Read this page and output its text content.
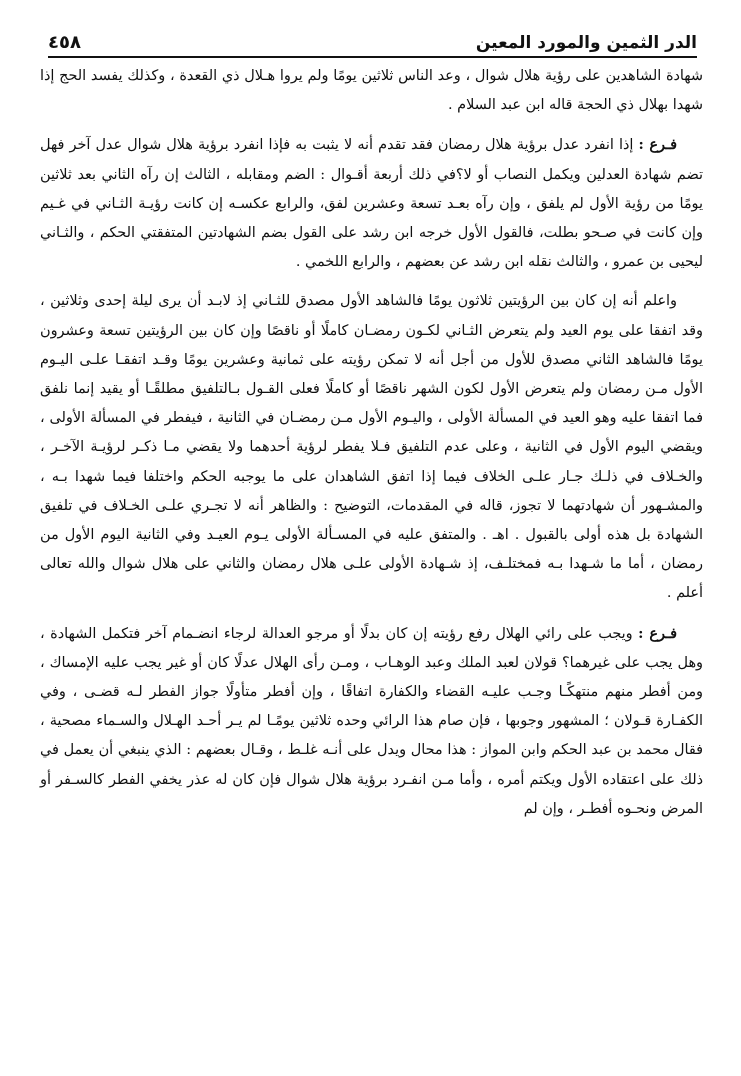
الدر الثمين والمورد المعين
٤٥٨

شهادة الشاهدين على رؤية هلال شوال ، وعد الناس ثلاثين يومًا ولم يروا هـلال ذي القعدة ، وكذلك يفسد الحج إذا شهدا بهلال ذي الحجة قاله ابن عبد السلام .

فـرع : إذا انفرد عدل برؤية هلال رمضان فقد تقدم أنه لا يثبت به فإذا انفرد برؤية هلال شوال عدل آخر فهل تضم شهادة العدلين ويكمل النصاب أو لا؟في ذلك أربعة أقـوال : الضم ومقابله ، الثالث إن رآه الثاني بعد ثلاثين يومًا من رؤية الأول لم يلفق ، وإن رآه بعـد تسعة وعشرين لفق، والرابع عكسـه إن كانت رؤيـة الثـاني في غـيم وإن كانت في صـحو بطلت، فالقول الأول خرجه ابن رشد على القول بضم الشهادتين المتفقتي الحكم ، والثـاني ليحيى بن عمرو ، والثالث نقله ابن رشد عن بعضهم ، والرابع اللخمي .

واعلم أنه إن كان بين الرؤيتين ثلاثون يومًا فالشاهد الأول مصدق للثـاني إذ لابـد أن يرى ليلة إحدى وثلاثين ، وقد اتفقا على يوم العيد ولم يتعرض الثـاني لكـون رمضـان كاملًا أو ناقصًا وإن كان بين الرؤيتين تسعة وعشرون يومًا فالشاهد الثاني مصدق للأول من أجل أنه لا تمكن رؤيته على ثمانية وعشرين يومًا وقـد اتفقـا علـى اليـوم الأول مـن رمضان ولم يتعرض الأول لكون الشهر ناقصًا أو كاملًا فعلى القـول بـالتلفيق مطلقًـا أو يقيد إنما نلفق فما اتفقا عليه وهو العيد في المسألة الأولى ، واليـوم الأول مـن رمضـان في الثانية ، فيفطر في المسألة الأولى ، ويقضي اليوم الأول في الثانية ، وعلى عدم التلفيق فـلا يفطر لرؤية أحدهما ولا يقضي مـا ذكـر لرؤيـة الآخـر ، والخـلاف في ذلـك جـار علـى الخلاف فيما إذا اتفق الشاهدان على ما يوجبه الحكم واختلفا فيما شهدا بـه ، والمشـهور أن شهادتهما لا تجوز، قاله في المقدمات، التوضيح : والظاهر أنه لا تجـري علـى الخـلاف في تلفيق الشهادة بل هذه أولى بالقبول . اهـ . والمتفق عليه في المسـألة الأولى يـوم العيـد وفي الثانية اليوم الأول من رمضان ، أما ما شـهدا بـه فمختلـف، إذ شـهادة الأولى علـى هلال رمضان والثاني على هلال شوال والله تعالى أعلم .

فـرع : ويجب على رائي الهلال رفع رؤيته إن كان بدلًا أو مرجو العدالة لرجاء انضـمام آخر فتكمل الشهادة ، وهل يجب على غيرهما؟ قولان لعبد الملك وعبد الوهـاب ، ومـن رأى الهلال عدلًا كان أو غير يجب عليه الإمساك ، ومن أفطر منهم منتهكًـا وجـب عليـه القضاء والكفارة اتفاقًا ، وإن أفطر متأولًا جواز الفطر لـه قضـى ، وفي الكفـارة قـولان ؛ المشهور وجوبها ، فإن صام هذا الرائي وحده ثلاثين يومًـا لم يـر أحـد الهـلال والسـماء مصحية ، فقال محمد بن عبد الحكم وابن المواز : هذا محال ويدل على أنـه غلـط ، وقـال بعضهم : الذي ينبغي أن يعمل في ذلك على اعتقاده الأول ويكتم أمره ، وأما مـن انفـرد برؤية هلال شوال فإن كان له عذر يخفي الفطر كالسـفر أو المرض ونحـوه أفطـر ، وإن لم
